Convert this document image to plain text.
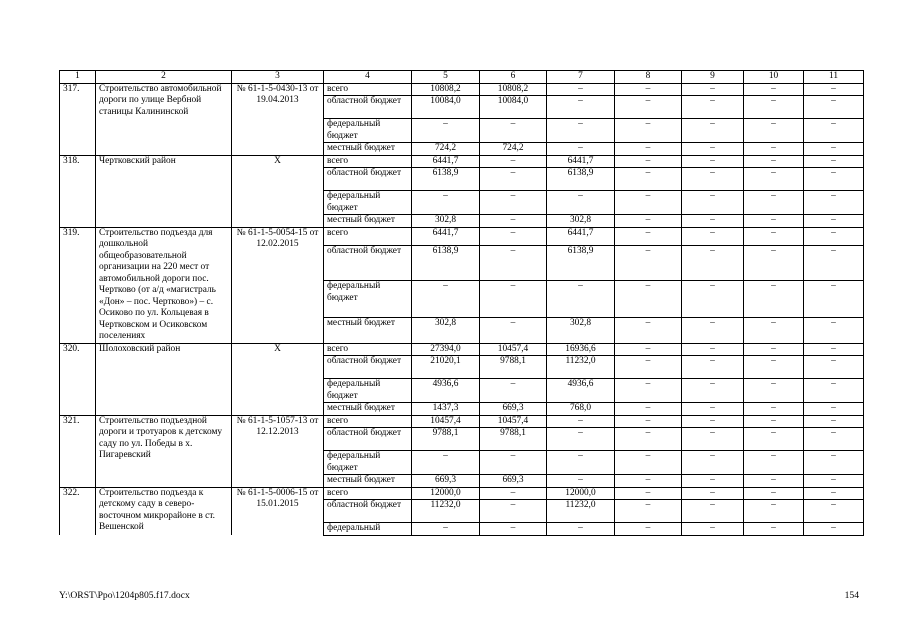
1	2	3	4	5	6	7	8	9	10	11
317.	Строительство автомобильной дороги по улице Вербной станицы Калининской	№ 61-1-5-0430-13 от 19.04.2013	всего	10808,2	10808,2	–	–	–	–	–
			областной бюджет	10084,0	10084,0	–	–	–	–	–
			федеральный бюджет	–	–	–	–	–	–	–
			местный бюджет	724,2	724,2	–	–	–	–	–
318.	Чертковский район	Х	всего	6441,7	–	6441,7	–	–	–	–
			областной бюджет	6138,9	–	6138,9	–	–	–	–
			федеральный бюджет	–	–	–	–	–	–	–
			местный бюджет	302,8	–	302,8	–	–	–	–
319.	Строительство подъезда для дошкольной общеобразовательной организации на 220 мест от автомобильной дороги пос. Чертково (от а/д «магистраль «Дон» – пос. Чертково») – с. Осиково по ул. Кольцевая в Чертковском и Осиковском поселениях	№ 61-1-5-0054-15 от 12.02.2015	всего	6441,7	–	6441,7	–	–	–	–
			областной бюджет	6138,9	–	6138,9	–	–	–	–
			федеральный бюджет	–	–	–	–	–	–	–
			местный бюджет	302,8	–	302,8	–	–	–	–
320.	Шолоховский район	Х	всего	27394,0	10457,4	16936,6	–	–	–	–
			областной бюджет	21020,1	9788,1	11232,0	–	–	–	–
			федеральный бюджет	4936,6	–	4936,6	–	–	–	–
			местный бюджет	1437,3	669,3	768,0	–	–	–	–
321.	Строительство подъездной дороги и тротуаров к детскому саду по ул. Победы в х. Пигаревский	№ 61-1-5-1057-13 от 12.12.2013	всего	10457,4	10457,4	–	–	–	–	–
			областной бюджет	9788,1	9788,1	–	–	–	–	–
			федеральный бюджет	–	–	–	–	–	–	–
			местный бюджет	669,3	669,3	–	–	–	–	–
322.	Строительство подъезда к детскому саду в северо-восточном микрорайоне в ст. Вешенской	№ 61-1-5-0006-15 от 15.01.2015	всего	12000,0	–	12000,0	–	–	–	–
			областной бюджет	11232,0	–	11232,0	–	–	–	–
			федеральный	–	–	–	–	–	–	–
Y:\ORST\Ppo\1204p805.f17.docx	154
